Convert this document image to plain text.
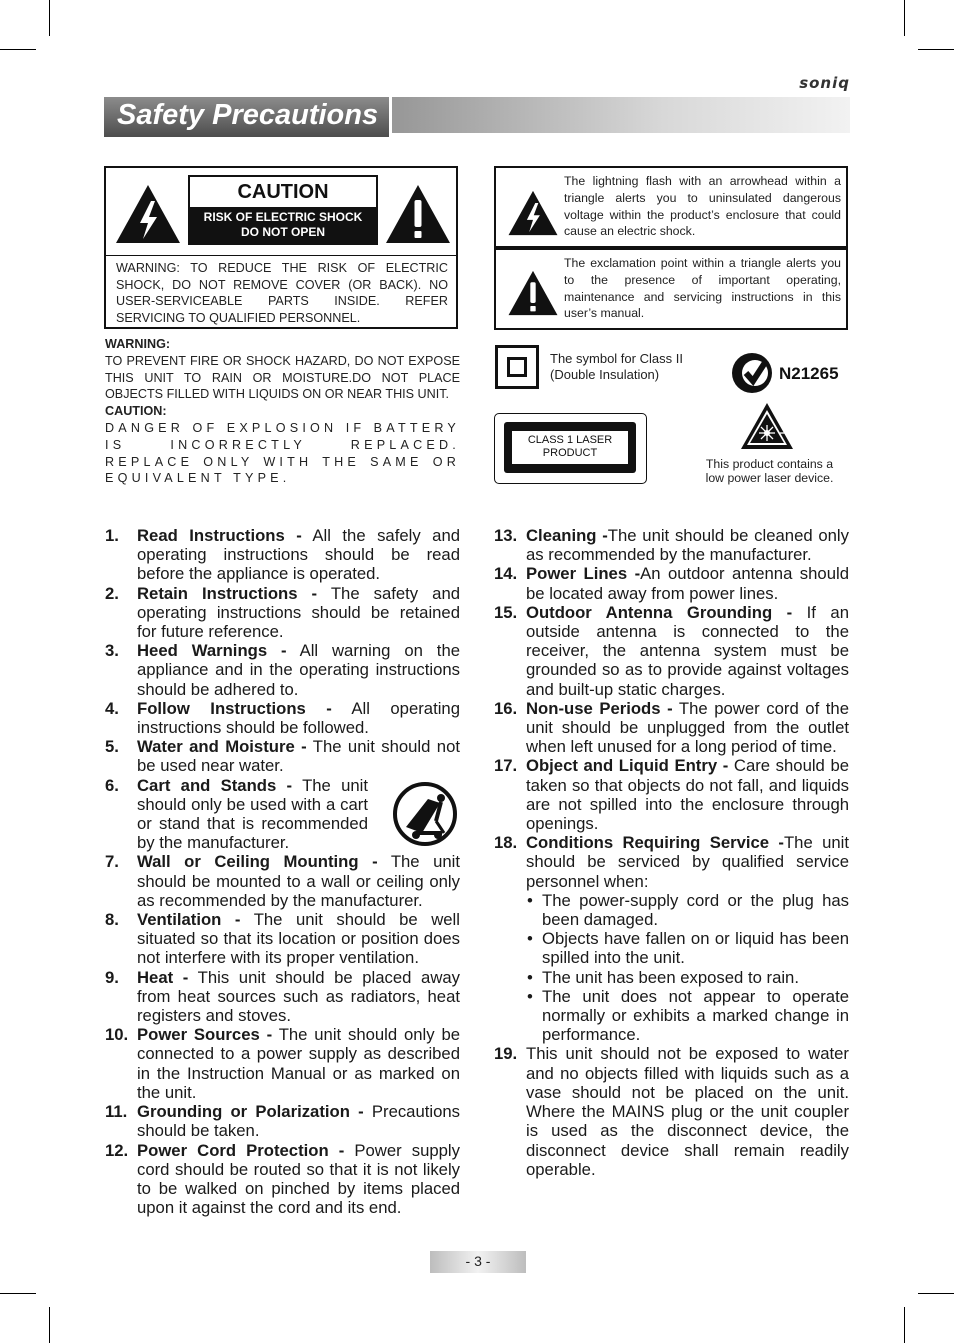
soniq
Safety Precautions
CAUTION
RISK OF ELECTRIC SHOCK
DO NOT OPEN
WARNING: TO REDUCE THE RISK OF ELECTRIC SHOCK, DO NOT REMOVE COVER (OR BACK). NO USER-SERVICEABLE PARTS INSIDE. REFER SERVICING TO QUALIFIED PERSONNEL.
WARNING:
TO PREVENT FIRE OR SHOCK HAZARD, DO NOT EXPOSE THIS UNIT TO RAIN OR MOISTURE.DO NOT PLACE OBJECTS FILLED WITH LIQUIDS ON OR NEAR THIS UNIT.
CAUTION:
DANGER OF EXPLOSION IF BATTERY IS INCORRECTLY REPLACED. REPLACE ONLY WITH THE SAME OR EQUIVALENT TYPE.
The lightning flash with an arrowhead within a triangle alerts you to uninsulated dangerous voltage within the product’s enclosure that could cause an electric shock.
The exclamation point within a triangle alerts you to the presence of important operating, maintenance and servicing instructions in this user’s manual.
The symbol for Class II (Double Insulation)	N21265
CLASS 1 LASER
PRODUCT
This product contains a low power laser device.
1. Read Instructions - All the safely and operating instructions should be read before the appliance is operated.
2. Retain Instructions - The safety and operating instructions should be retained for future reference.
3. Heed Warnings - All warning on the appliance and in the operating instructions should be adhered to.
4. Follow Instructions - All operating instructions should be followed.
5. Water and Moisture - The unit should not be used near water.
6. Cart and Stands - The unit should only be used with a cart or stand that is recommended by the manufacturer.
7. Wall or Ceiling Mounting - The unit should be mounted to a wall or ceiling only as recommended by the manufacturer.
8. Ventilation - The unit should be well situated so that its location or position does not interfere with its proper ventilation.
9. Heat - This unit should be placed away from heat sources such as radiators, heat registers and stoves.
10. Power Sources - The unit should only be connected to a power supply as described in the Instruction Manual or as marked on the unit.
11. Grounding or Polarization - Precautions should be taken.
12. Power Cord Protection - Power supply cord should be routed so that it is not likely to be walked on pinched by items placed upon it against the cord and its end.
13. Cleaning -The unit should be cleaned only as recommended by the manufacturer.
14. Power Lines -An outdoor antenna should be located away from power lines.
15. Outdoor Antenna Grounding - If an outside antenna is connected to the receiver, the antenna system must be grounded so as to provide against voltages and built-up static charges.
16. Non-use Periods - The power cord of the unit should be unplugged from the outlet when left unused for a long period of time.
17. Object and Liquid Entry - Care should be taken so that objects do not fall, and liquids are not spilled into the enclosure through openings.
18. Conditions Requiring Service -The unit should be serviced by qualified service personnel when:
• The power-supply cord or the plug has been damaged.
• Objects have fallen on or liquid has been spilled into the unit.
• The unit has been exposed to rain.
• The unit does not appear to operate normally or exhibits a marked change in performance.
19. This unit should not be exposed to water and no objects filled with liquids such as a vase should not be placed on the unit. Where the MAINS plug or the unit coupler is used as the disconnect device, the disconnect device shall remain readily operable.
- 3 -
